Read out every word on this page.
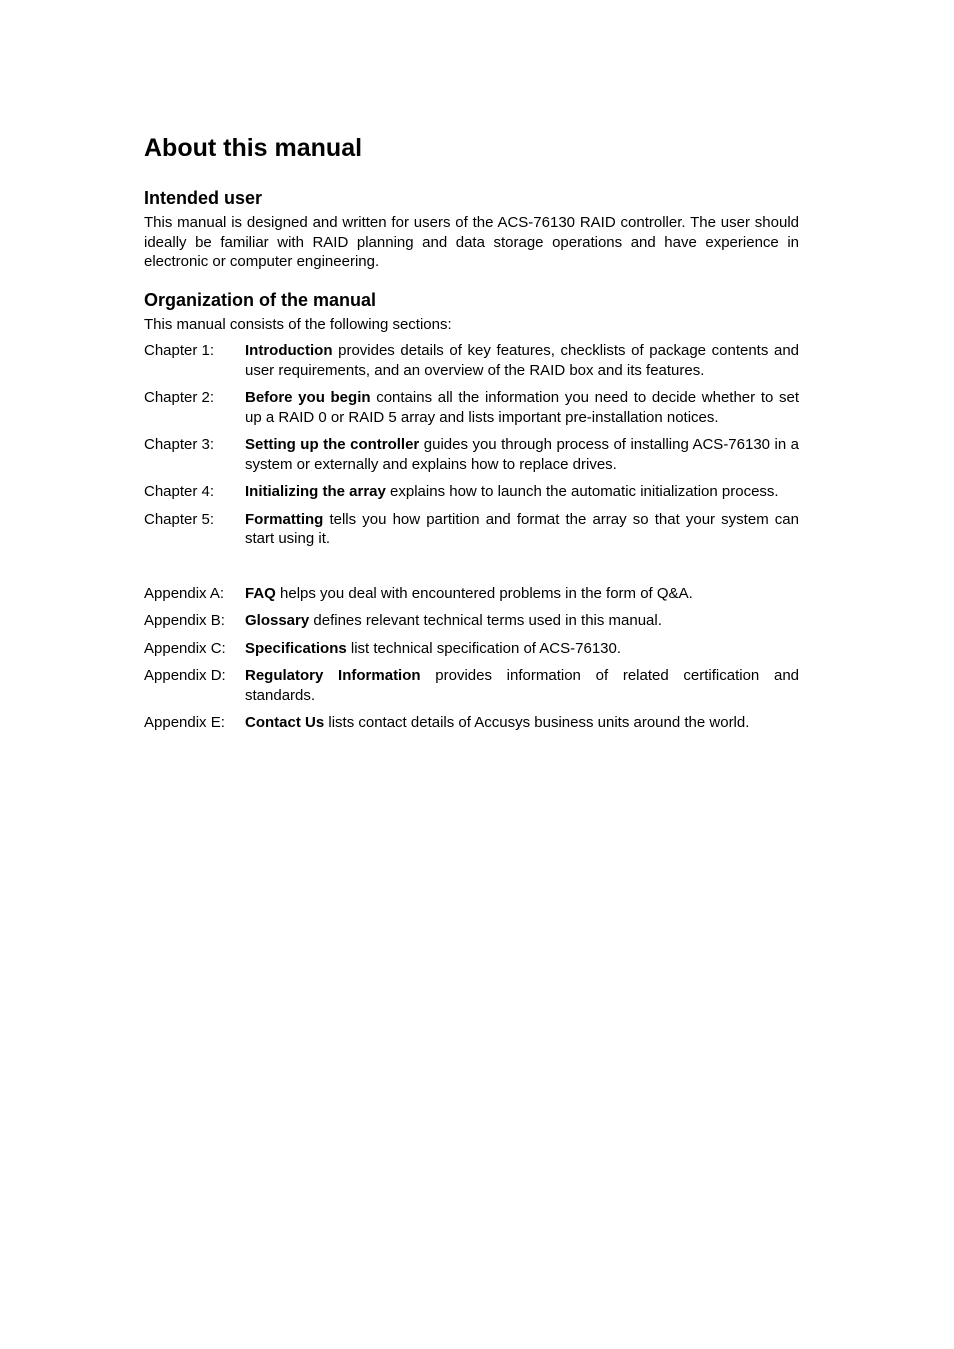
About this manual
Intended user

This manual is designed and written for users of the ACS-76130 RAID controller. The user should ideally be familiar with RAID planning and data storage operations and have experience in electronic or computer engineering.

Organization of the manual

This manual consists of the following sections:

Chapter 1:	Introduction provides details of key features, checklists of package contents and user requirements, and an overview of the RAID box and its features.
Chapter 2:	Before you begin contains all the information you need to decide whether to set up a RAID 0 or RAID 5 array and lists important pre-installation notices.
Chapter 3:	Setting up the controller guides you through process of installing ACS-76130 in a system or externally and explains how to replace drives.
Chapter 4:	Initializing the array explains how to launch the automatic initialization process.
Chapter 5:	Formatting tells you how partition and format the array so that your system can start using it.
Appendix A:	FAQ helps you deal with encountered problems in the form of Q&A.
Appendix B:	Glossary defines relevant technical terms used in this manual.
Appendix C:	Specifications list technical specification of ACS-76130.
Appendix D:	Regulatory Information provides information of related certification and standards.
Appendix E:	Contact Us lists contact details of Accusys business units around the world.
